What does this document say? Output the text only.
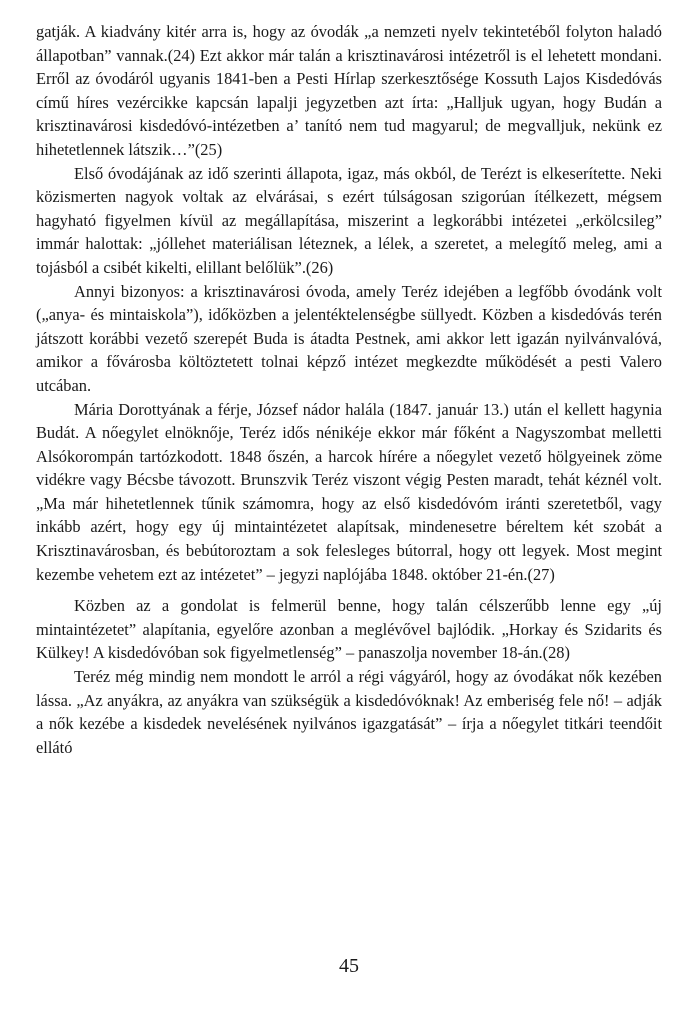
gatják. A kiadvány kitér arra is, hogy az óvodák „a nemzeti nyelv tekintetéből folyton haladó állapotban” vannak.(24) Ezt akkor már talán a krisztinavárosi intézetről is el lehetett mondani. Erről az óvodáról ugyanis 1841-ben a Pesti Hírlap szerkesztősége Kossuth Lajos Kisdedóvás című híres vezércikke kapcsán lapalji jegyzetben azt írta: „Halljuk ugyan, hogy Budán a krisztinavárosi kisdedóvó-intézetben a’ tanító nem tud magyarul; de megvalljuk, nekünk ez hihetetlennek látszik…”(25)

Első óvodájának az idő szerinti állapota, igaz, más okból, de Terézt is elkeserítette. Neki közismerten nagyok voltak az elvárásai, s ezért túlságosan szigorúan ítélkezett, mégsem hagyható figyelmen kívül az megállapítása, miszerint a legkorábbi intézetei „erkölcsileg” immár halottak: „jóllehet materiálisan léteznek, a lélek, a szeretet, a melegítő meleg, ami a tojásból a csibét kikelti, elillant belőlük”.(26)

Annyi bizonyos: a krisztinavárosi óvoda, amely Teréz idejében a legfőbb óvodánk volt („anya- és mintaiskola”), időközben a jelentéktelenségbe süllyedt. Közben a kisdedóvás terén játszott korábbi vezető szerepét Buda is átadta Pestnek, ami akkor lett igazán nyilvánvalóvá, amikor a fővárosba költöztetett tolnai képző intézet megkezdte működését a pesti Valero utcában.

Mária Dorottyának a férje, József nádor halála (1847. január 13.) után el kellett hagynia Budát. A nőegylet elnöknője, Teréz idős nénikéje ekkor már főként a Nagyszombat melletti Alsókorompán tartózkodott. 1848 őszén, a harcok hírére a nőegylet vezető hölgyeinek zöme vidékre vagy Bécsbe távozott. Brunszvik Teréz viszont végig Pesten maradt, tehát kéznél volt. „Ma már hihetetlennek tűnik számomra, hogy az első kisdedóvóm iránti szeretetből, vagy inkább azért, hogy egy új mintaintézetet alapítsak, mindenesetre béreltem két szobát a Krisztinavárosban, és bebútoroztam a sok felesleges bútorral, hogy ott legyek. Most megint kezembe vehetem ezt az intézetet” – jegyzi naplójába 1848. október 21-én.(27)

Közben az a gondolat is felmerül benne, hogy talán célszerűbb lenne egy „új mintaintézetet” alapítania, egyelőre azonban a meglévővel bajlódik. „Horkay és Szidarits és Külkey! A kisdedóvóban sok figyelmetlenség” – panaszolja november 18-án.(28)

Teréz még mindig nem mondott le arról a régi vágyáról, hogy az óvodákat nők kezében lássa. „Az anyákra, az anyákra van szükségük a kisdedóvóknak! Az emberiség fele nő! – adják a nők kezébe a kisdedek nevelésének nyilvános igazgatását” – írja a nőegylet titkári teendőit ellátó

45
